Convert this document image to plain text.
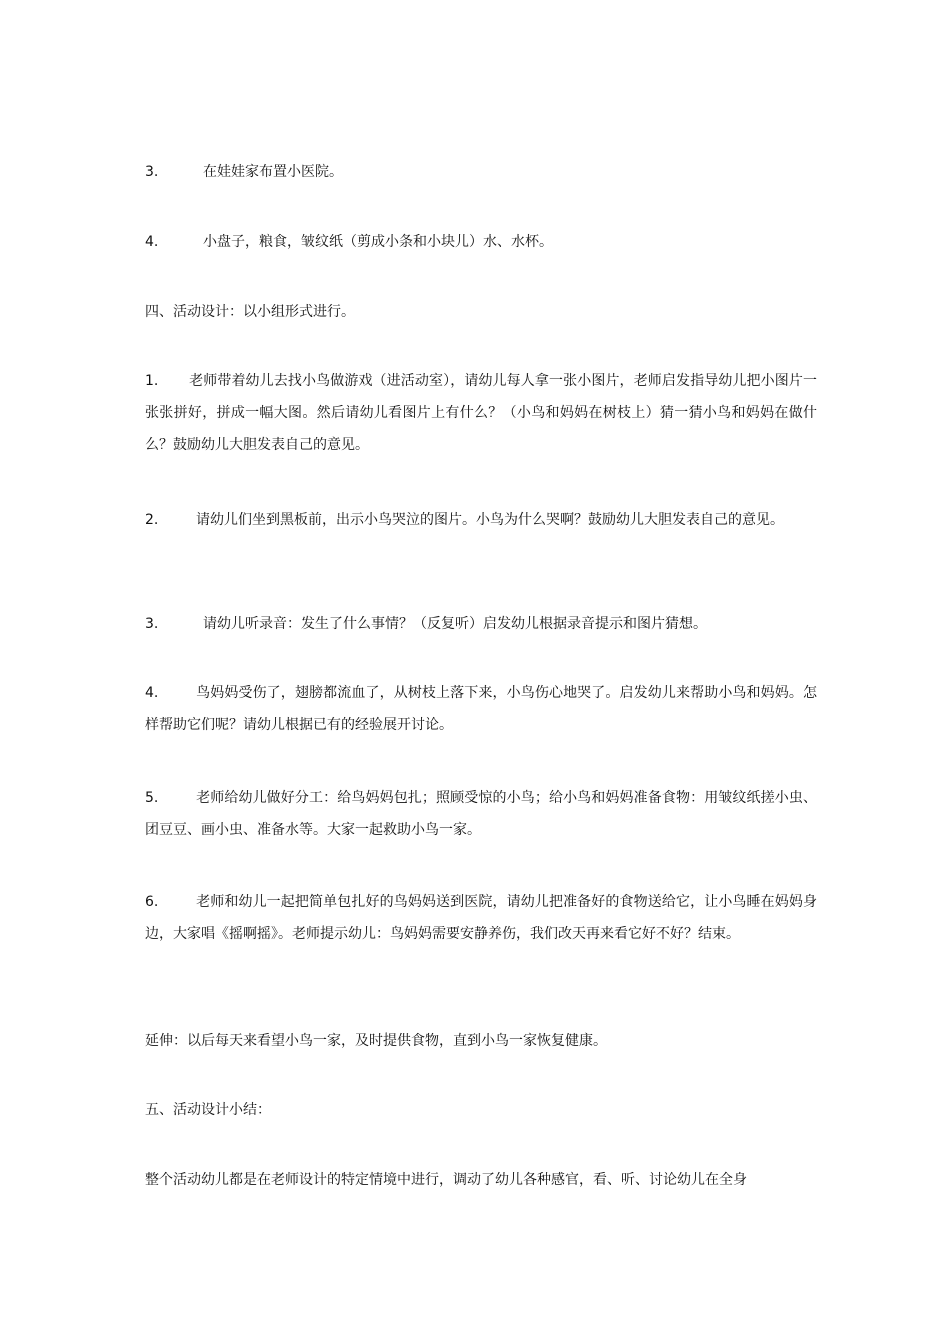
3.	在娃娃家布置小医院。

4.	小盘子，粮食，皱纹纸（剪成小条和小块儿）水、水杯。

四、活动设计：以小组形式进行。

1. 老师带着幼儿去找小鸟做游戏（进活动室），请幼儿每人拿一张小图片，老师启发指导幼儿把小图片一张张拼好，拼成一幅大图。然后请幼儿看图片上有什么？（小鸟和妈妈在树枝上）猜一猜小鸟和妈妈在做什么？鼓励幼儿大胆发表自己的意见。

2.	请幼儿们坐到黑板前，出示小鸟哭泣的图片。小鸟为什么哭啊？鼓励幼儿大胆发表自己的意见。

3.	请幼儿听录音：发生了什么事情？（反复听）启发幼儿根据录音提示和图片猜想。

4.	鸟妈妈受伤了，翅膀都流血了，从树枝上落下来，小鸟伤心地哭了。启发幼儿来帮助小鸟和妈妈。怎样帮助它们呢？请幼儿根据已有的经验展开讨论。

5.	老师给幼儿做好分工：给鸟妈妈包扎；照顾受惊的小鸟；给小鸟和妈妈准备食物：用皱纹纸搓小虫、团豆豆、画小虫、准备水等。大家一起救助小鸟一家。

6.	老师和幼儿一起把简单包扎好的鸟妈妈送到医院，请幼儿把准备好的食物送给它，让小鸟睡在妈妈身边，大家唱《摇啊摇》。老师提示幼儿：鸟妈妈需要安静养伤，我们改天再来看它好不好？结束。

延伸：以后每天来看望小鸟一家，及时提供食物，直到小鸟一家恢复健康。

五、活动设计小结：

整个活动幼儿都是在老师设计的特定情境中进行，调动了幼儿各种感官，看、听、讨论幼儿在全身
